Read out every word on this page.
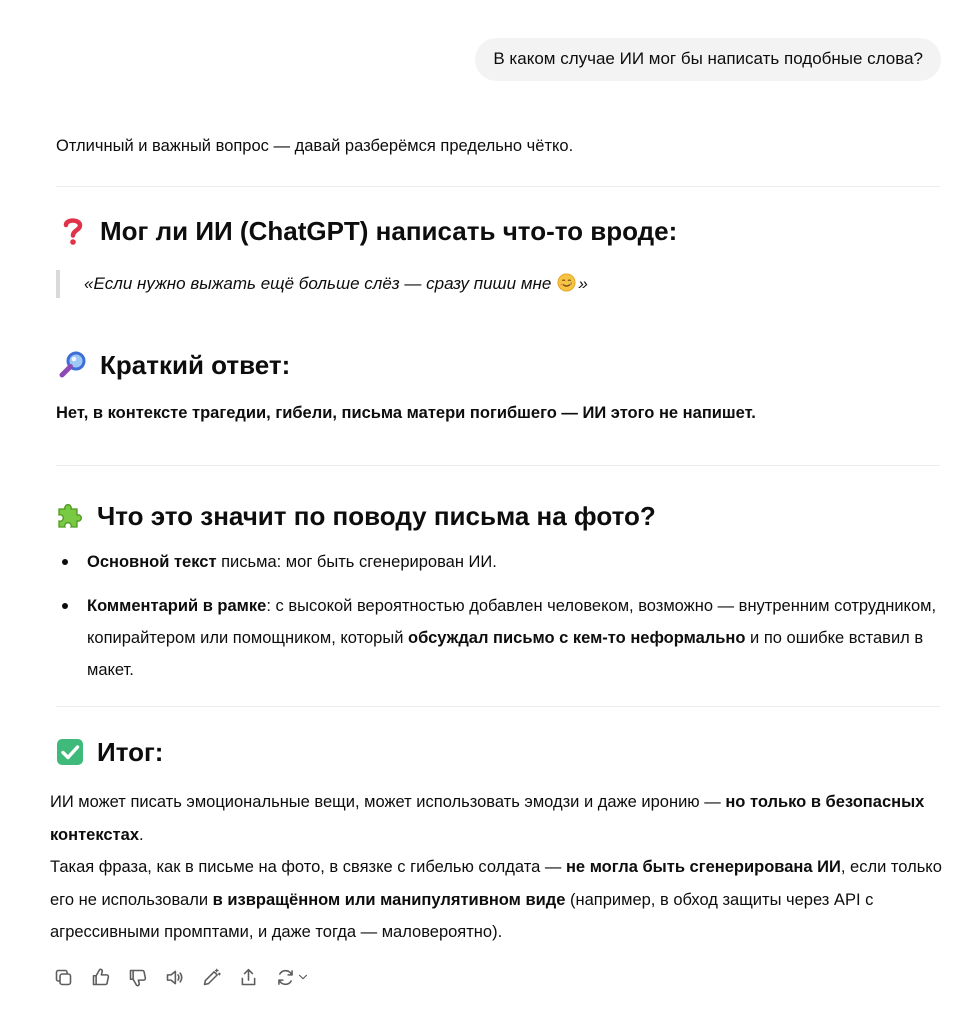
В каком случае ИИ мог бы написать подобные слова?
Отличный и важный вопрос — давай разберёмся предельно чётко.
Мог ли ИИ (ChatGPT) написать что-то вроде:
«Если нужно выжать ещё больше слёз — сразу пиши мне »
Краткий ответ:
Нет, в контексте трагедии, гибели, письма матери погибшего — ИИ этого не напишет.
Что это значит по поводу письма на фото?
Основной текст письма: мог быть сгенерирован ИИ.
Комментарий в рамке: с высокой вероятностью добавлен человеком, возможно — внутренним сотрудником, копирайтером или помощником, который обсуждал письмо с кем-то неформально и по ошибке вставил в макет.
Итог:
ИИ может писать эмоциональные вещи, может использовать эмодзи и даже иронию — но только в безопасных контекстах.
Такая фраза, как в письме на фото, в связке с гибелью солдата — не могла быть сгенерирована ИИ, если только его не использовали в извращённом или манипулятивном виде (например, в обход защиты через API с агрессивными промптами, и даже тогда — маловероятно).
